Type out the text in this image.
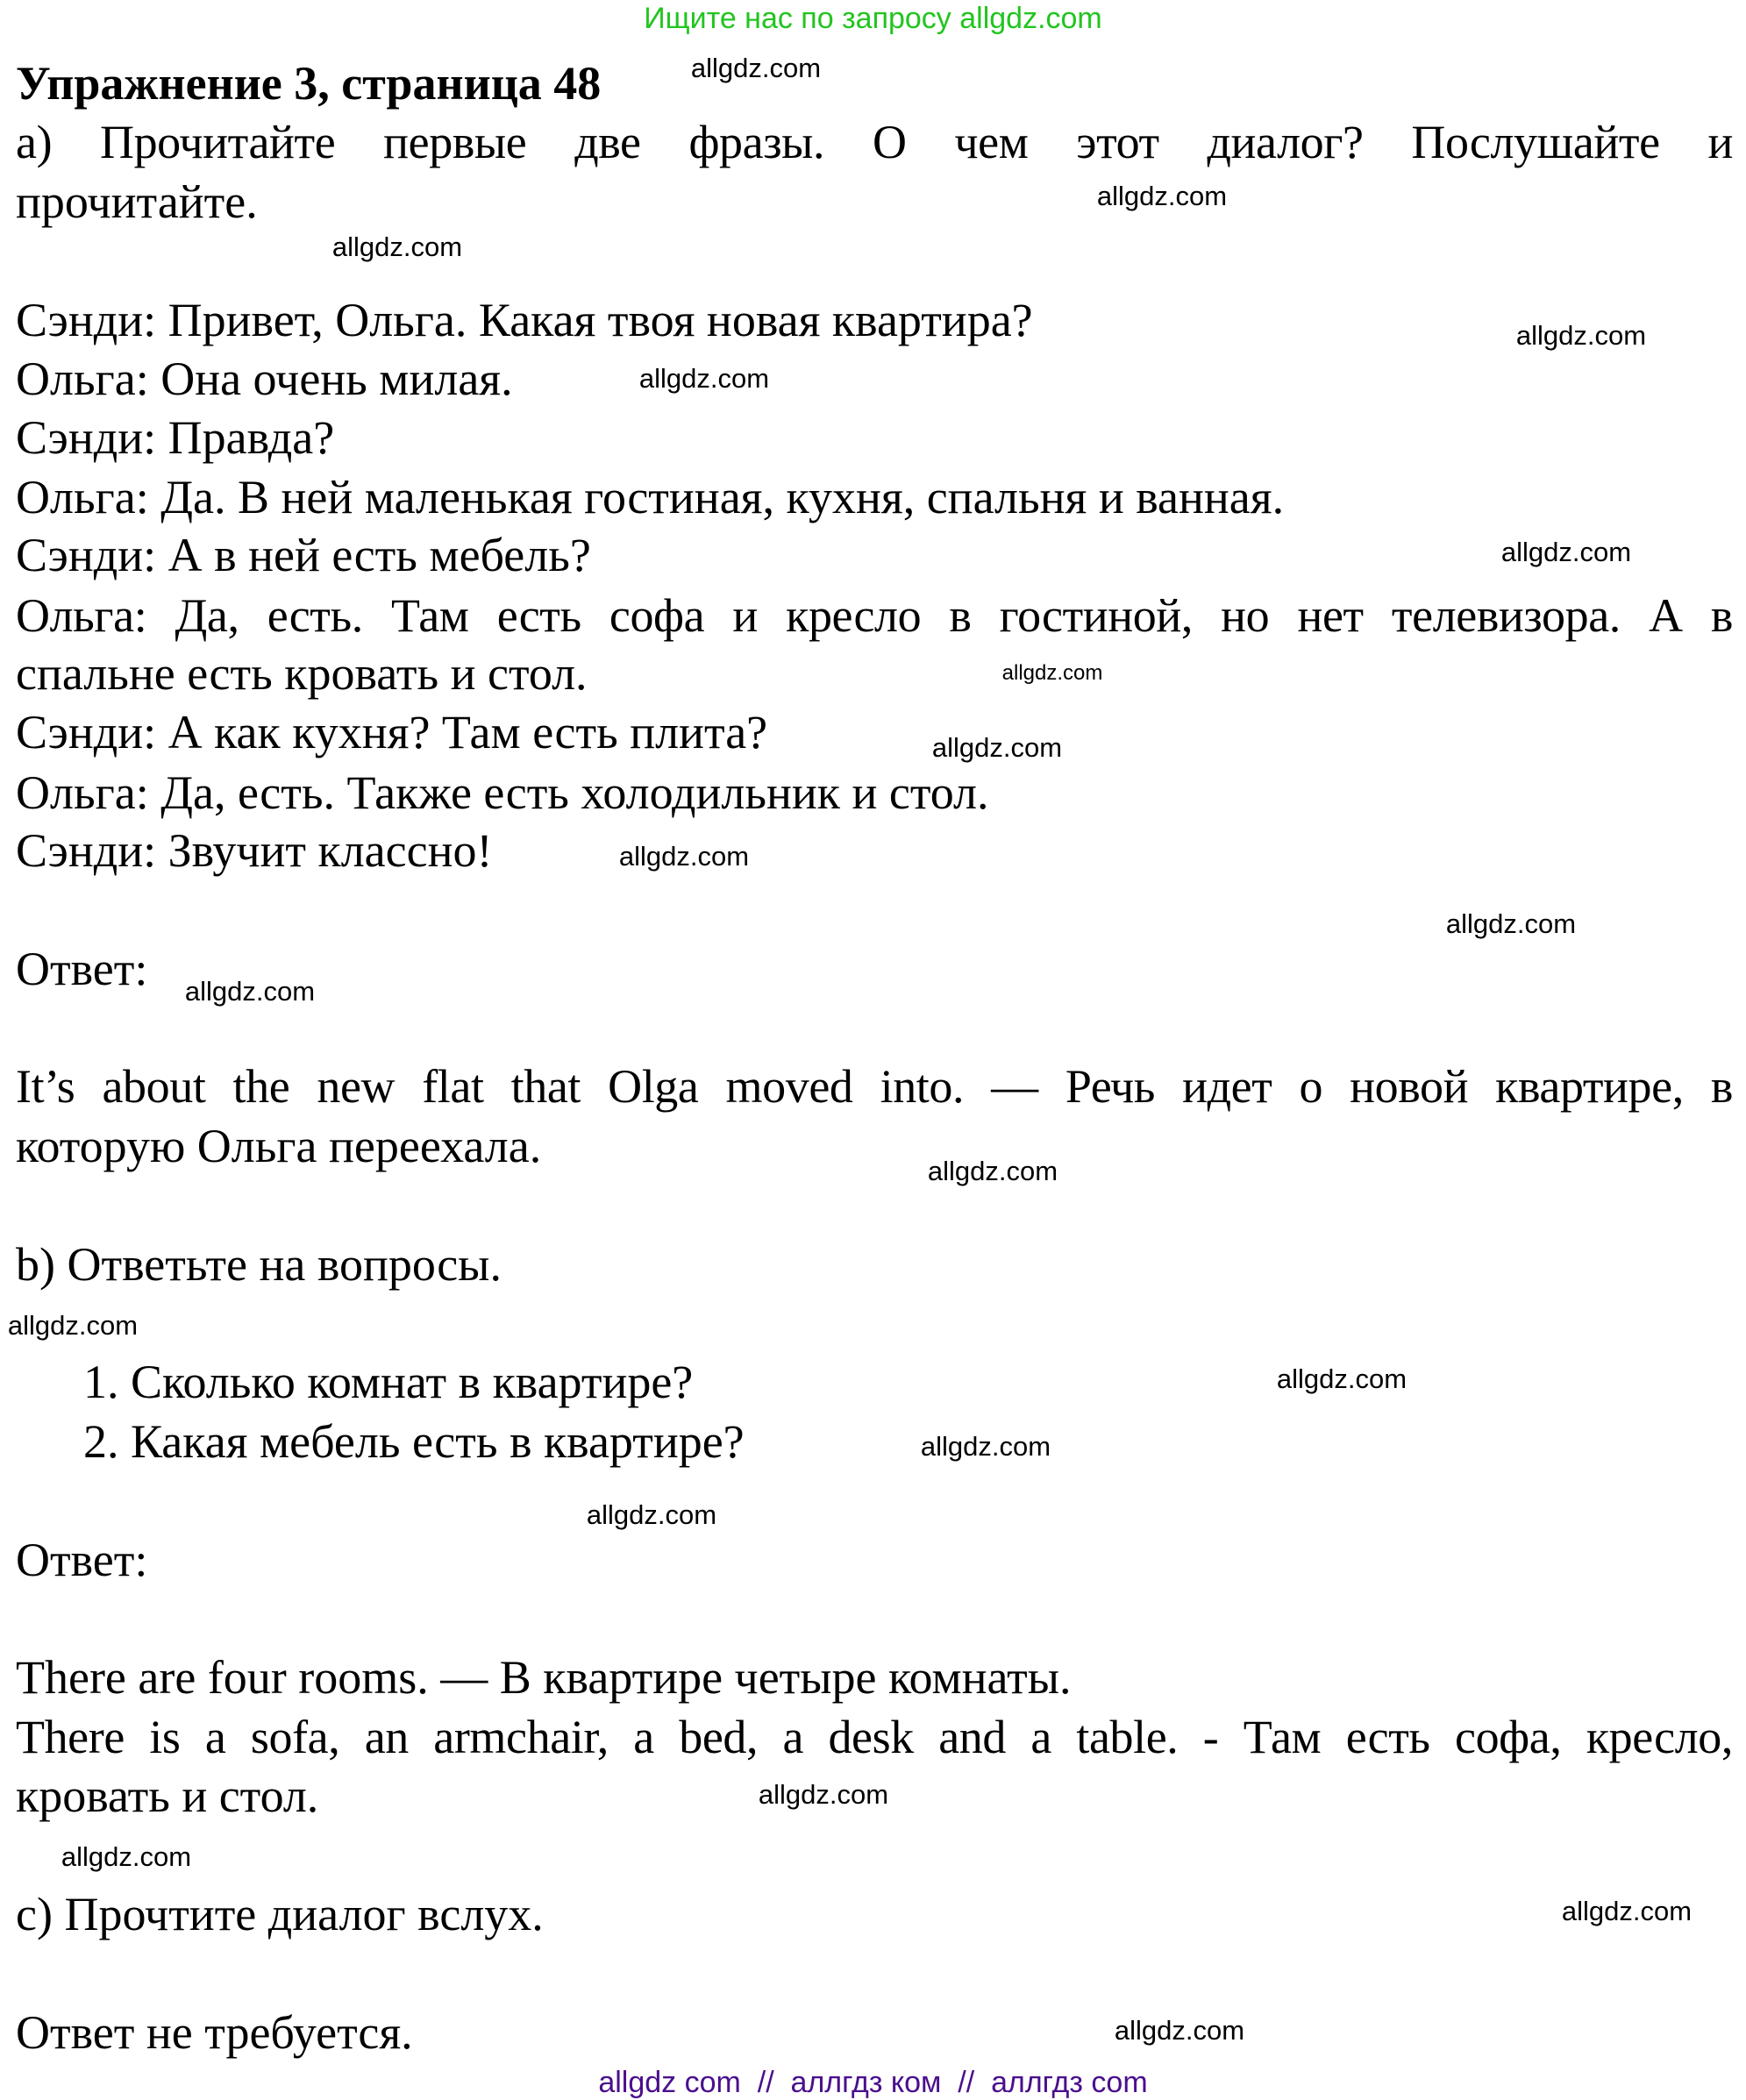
Ищите нас по запросу allgdz.com
Упражнение 3, страница 48
а) Прочитайте первые две фразы. О чем этот диалог? Послушайте и
прочитайте.
Сэнди: Привет, Ольга. Какая твоя новая квартира?
Ольга: Она очень милая.
Сэнди: Правда?
Ольга: Да. В ней маленькая гостиная, кухня, спальня и ванная.
Сэнди: А в ней есть мебель?
Ольга: Да, есть. Там есть софа и кресло в гостиной, но нет телевизора. А в
спальне есть кровать и стол.
Сэнди: А как кухня? Там есть плита?
Ольга: Да, есть. Также есть холодильник и стол.
Сэнди: Звучит классно!
Ответ:
It’s about the new flat that Olga moved into. — Речь идет о новой квартире, в
которую Ольга переехала.
b) Ответьте на вопросы.
1. Сколько комнат в квартире?
2. Какая мебель есть в квартире?
Ответ:
There are four rooms. — В квартире четыре комнаты.
There is a sofa, an armchair, a bed, a desk and a table. - Там есть софа, кресло,
кровать и стол.
с) Прочтите диалог вслух.
Ответ не требуется.
allgdz.com
allgdz.com
allgdz.com
allgdz.com
allgdz.com
allgdz.com
allgdz.com
allgdz.com
allgdz.com
allgdz.com
allgdz.com
allgdz.com
allgdz.com
allgdz.com
allgdz.com
allgdz.com
allgdz.com
allgdz.com
allgdz.com
allgdz.com
allgdz com  //  аллгдз ком  //  аллгдз com
